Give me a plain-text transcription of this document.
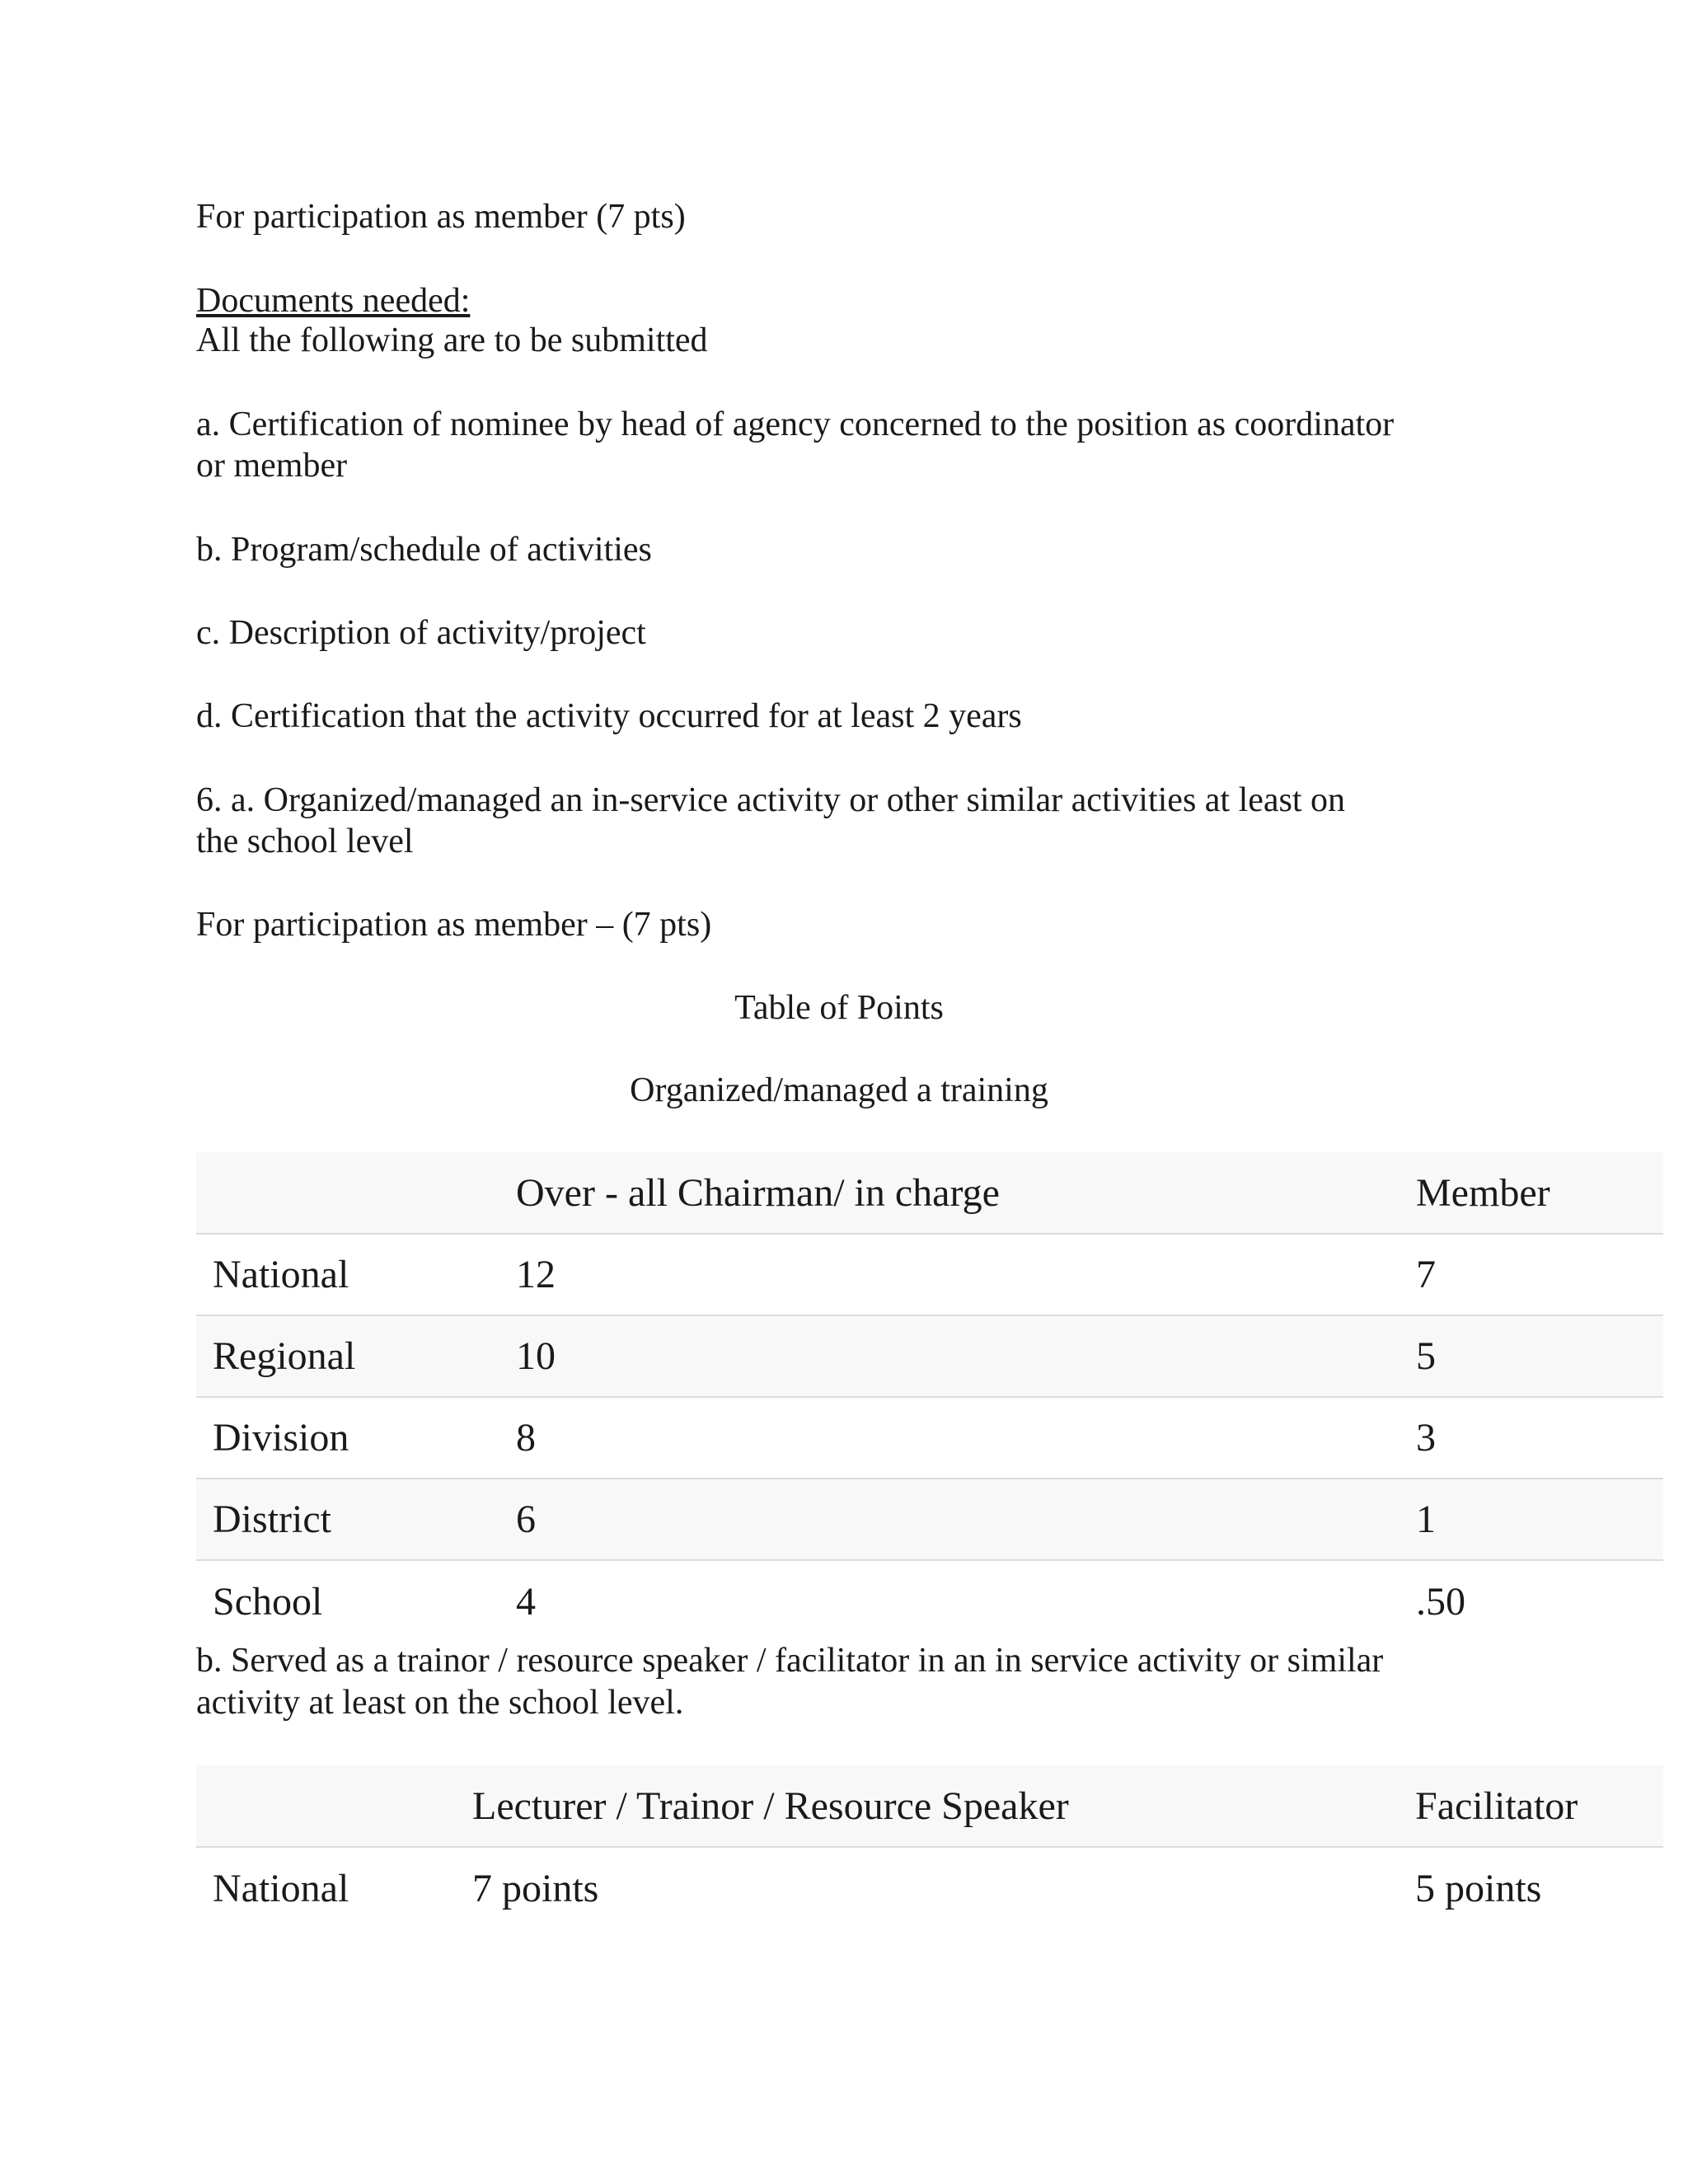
For participation as member (7 pts)
Documents needed:
All the following are to be submitted
a. Certification of nominee by head of agency concerned to the position as coordinator
or member
b. Program/schedule of activities
c. Description of activity/project
d. Certification that the activity occurred for at least 2 years
6. a. Organized/managed an in-service activity or other similar activities at least on
the school level
For participation as member – (7 pts)
Table of Points
Organized/managed a training
	Over - all Chairman/ in charge	Member
National	12	7
Regional	10	5
Division	8	3
District	6	1
School	4	.50
b. Served as a trainor / resource speaker / facilitator in an in service activity or similar
activity at least on the school level.
	Lecturer / Trainor / Resource Speaker	Facilitator
National	7 points	5 points
